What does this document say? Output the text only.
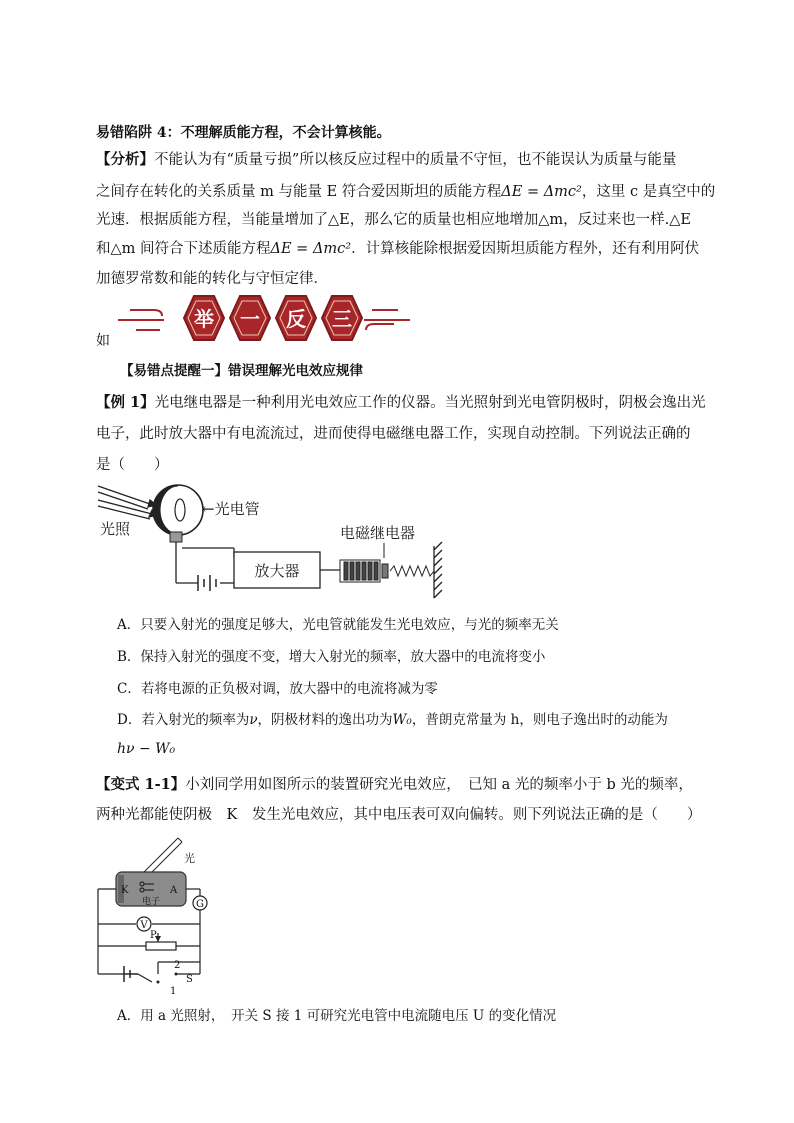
易错陷阱 4：不理解质能方程，不会计算核能。
【分析】不能认为有“质量亏损”所以核反应过程中的质量不守恒，也不能误认为质量与能量
之间存在转化的关系质量 m 与能量 E 符合爱因斯坦的质能方程ΔE = Δmc²，这里 c 是真空中的
光速．根据质能方程，当能量增加了△E，那么它的质量也相应地增加△m，反过来也一样.△E
和△m 间符合下述质能方程ΔE = Δmc²．计算核能除根据爱因斯坦质能方程外，还有利用阿伏
加德罗常数和能的转化与守恒定律．
如
举 一 反 三
【易错点提醒一】错误理解光电效应规律
【例 1】光电继电器是一种利用光电效应工作的仪器。当光照射到光电管阴极时，阴极会逸出光
电子，此时放大器中有电流流过，进而使得电磁继电器工作，实现自动控制。下列说法正确的
是（　　）
光照
←光电管
放大器
电磁继电器
A．只要入射光的强度足够大，光电管就能发生光电效应，与光的频率无关
B．保持入射光的强度不变，增大入射光的频率，放大器中的电流将变小
C．若将电源的正负极对调，放大器中的电流将减为零
D．若入射光的频率为ν，阴极材料的逸出功为W₀，普朗克常量为 h，则电子逸出时的动能为
hν − W₀
【变式 1-1】小刘同学用如图所示的装置研究光电效应，　已知 a 光的频率小于 b 光的频率，
两种光都能使阴极　K　发生光电效应，其中电压表可双向偏转。则下列说法正确的是（　　）
光
K	A
电子	G
V
P
2
S
1
A．用 a 光照射，　开关 S 接 1 可研究光电管中电流随电压 U 的变化情况
